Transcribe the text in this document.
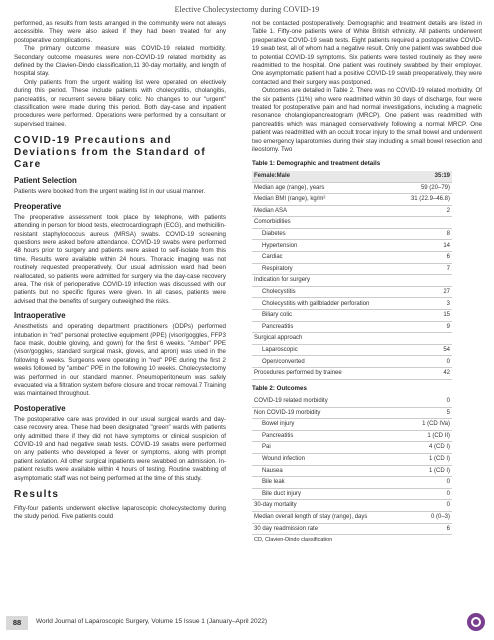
Elective Cholecystectomy during COVID-19

performed, as results from tests arranged in the community were not always accessible. They were also asked if they had been treated for any postoperative complications.

The primary outcome measure was COVID-19 related morbidity. Secondary outcome measures were non-COVID-19 related morbidity as defined by the Clavien-Dindo classification,11 30-day mortality, and length of hospital stay.

Only patients from the urgent waiting list were operated on electively during this period. These include patients with cholecystitis, cholangitis, pancreatitis, or recurrent severe biliary colic. No changes to our "urgent" classification were made during this period. Both day-case and inpatient procedures were performed. Operations were performed by a consultant or supervised trainee.

COVID-19 Precautions and Deviations from the Standard of Care
Patient Selection

Patients were booked from the urgent waiting list in our usual manner.

Preoperative

The preoperative assessment took place by telephone, with patients attending in person for blood tests, electrocardiograph (ECG), and methicillin-resistant staphylococcus aureus (MRSA) swabs. COVID-19 screening questions were asked before attendance. COVID-19 swabs were performed 48 hours prior to surgery and patients were asked to self-isolate from this time. Results were available within 24 hours. Thoracic imaging was not routinely requested preoperatively. Our usual admission ward had been reallocated, so patients were admitted for surgery via the day-case recovery area. The risk of perioperative COVID-19 infection was discussed with our patients but no specific figures were given. In all cases, patients were advised that the benefits of surgery outweighed the risks.

Intraoperative

Anesthetists and operating department practitioners (ODPs) performed intubation in "red" personal protective equipment (PPE) (visor/goggles, FFP3 face mask, double gloving, and gown) for the first 6 weeks. "Amber" PPE (visor/goggles, standard surgical mask, gloves, and apron) was used in the following 6 weeks. Surgeons were operating in "red" PPE during the first 2 weeks followed by "amber" PPE in the following 10 weeks. Cholecystectomy was performed in our standard manner. Pneumoperitoneum was safely evacuated via a filtration system before closure and trocar removal.7 Training was maintained throughout.

Postoperative

The postoperative care was provided in our usual surgical wards and day-case recovery area. These had been designated "green" wards with patients only admitted there if they did not have symptoms or clinical suspicion of COVID-19 and had negative swab tests. COVID-19 swabs were performed on any patients who developed a fever or symptoms, along with prompt patient isolation. All other surgical inpatients were swabbed on admission. In-patient results were available within 4 hours of testing. Routine swabbing of asymptomatic staff was not being performed at the time of this study.

Results

Fifty-four patients underwent elective laparoscopic cholecystectomy during the study period. Five patients could

not be contacted postoperatively. Demographic and treatment details are listed in Table 1. Fifty-one patients were of White British ethnicity. All patients underwent preoperative COVID-19 swab tests. Eight patients required a postoperative COVID-19 swab test, all of whom had a negative result. Only one patient was swabbed due to potential COVID-19 symptoms. Six patients were tested routinely as they were readmitted to the hospital. One patient was routinely swabbed by their employer. One asymptomatic patient had a positive COVID-19 swab preoperatively, they were contacted and their surgery was postponed.

Outcomes are detailed in Table 2. There was no COVID-19 related morbidity. Of the six patients (11%) who were readmitted within 30 days of discharge, four were treated for postoperative pain and had normal investigations, including a magnetic resonance cholangiopancreatogram (MRCP). One patient was readmitted with pancreatitis which was managed conservatively following a normal MRCP. One patient was readmitted with an occult trocar injury to the small bowel and underwent two emergency laparotomies during their stay including a small bowel resection and ileostomy. Two

Table 1: Demographic and treatment details
Female:Male	35:19
Median age (range), years	59 (20–79)
Median BMI (range), kg/m²	31 (22.9–46.8)
Median ASA	2
Comorbidities	
Diabetes	8
Hypertension	14
Cardiac	6
Respiratory	7
Indication for surgery	
Cholecystitis	27
Cholecystitis with gallbladder perforation	3
Biliary colic	15
Pancreatitis	9
Surgical approach	
Laparoscopic	54
Open/converted	0
Procedures performed by trainee	42
Table 2: Outcomes
COVID-19 related morbidity	0
Non COVID-19 morbidity	5
Bowel injury	1 (CD IVa)
Pancreatitis	1 (CD II)
Pai	4 (CD I)
Wound infection	1 (CD I)
Nausea	1 (CD I)
Bile leak	0
Bile duct injury	0
30-day mortality	0
Median overall length of stay (range), days	0 (0–3)
30 day readmission rate	6
CD, Clavien-Dindo classification	
88	World Journal of Laparoscopic Surgery, Volume 15 Issue 1 (January–April 2022)
